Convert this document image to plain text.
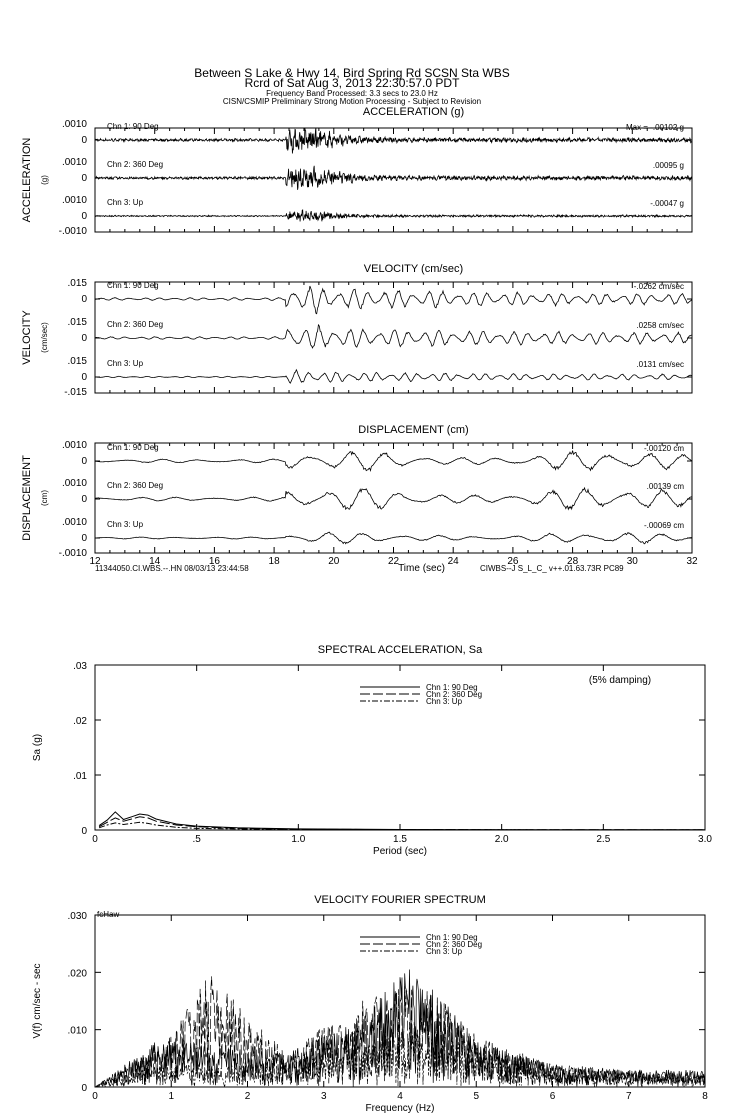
Between S Lake & Hwy 14, Bird Spring Rd SCSN Sta WBS
Rcrd of Sat Aug 3, 2013 22:30:57.0 PDT
Frequency Band Processed: 3.3 secs to 23.0 Hz
CISN/CSMIP Preliminary Strong Motion Processing - Subject to Revision
11344050.CI.WBS.--.HN 08/03/13 23:44:58	CIWBS--J S_L_C_ v++.01.63.73R PC89
ACCELERATION (g)
ACCELERATION (g)
Chn 1: 90 Deg
.0010
0
Max = -.00102 g
Chn 2: 360 Deg
.0010
0
.00095 g
Chn 3: Up
.0010
0
-.0010
-.00047 g
VELOCITY (cm/sec)
VELOCITY (cm/sec)
Chn 1: 90 Deg
.015
0
-.0262 cm/sec
Chn 2: 360 Deg
.015
0
.0258 cm/sec
Chn 3: Up
.015
0
-.015
.0131 cm/sec
DISPLACEMENT (cm)
DISPLACEMENT (cm)
Chn 1: 90 Deg
.0010
0
-.00120 cm
Chn 2: 360 Deg
.0010
0
.00139 cm
Chn 3: Up
.0010
0
-.0010
-.00069 cm
12	14	16	18	20	22	24	26	28	30	32
Time (sec)
SPECTRAL ACCELERATION, Sa
0	.5	1.0	1.5	2.0	2.5	3.0
.03
.02
.01
0
Period (sec)
Sa (g)
Chn 1: 90 Deg
Chn 2: 360 Deg
Chn 3: Up
(5% damping)
VELOCITY FOURIER SPECTRUM
0	1	2	3	4	5	6	7	8
.030
.020
.010
0
Frequency (Hz)
V(f) cm/sec - sec
Chn 1: 90 Deg
Chn 2: 360 Deg
Chn 3: Up
fcHaw
